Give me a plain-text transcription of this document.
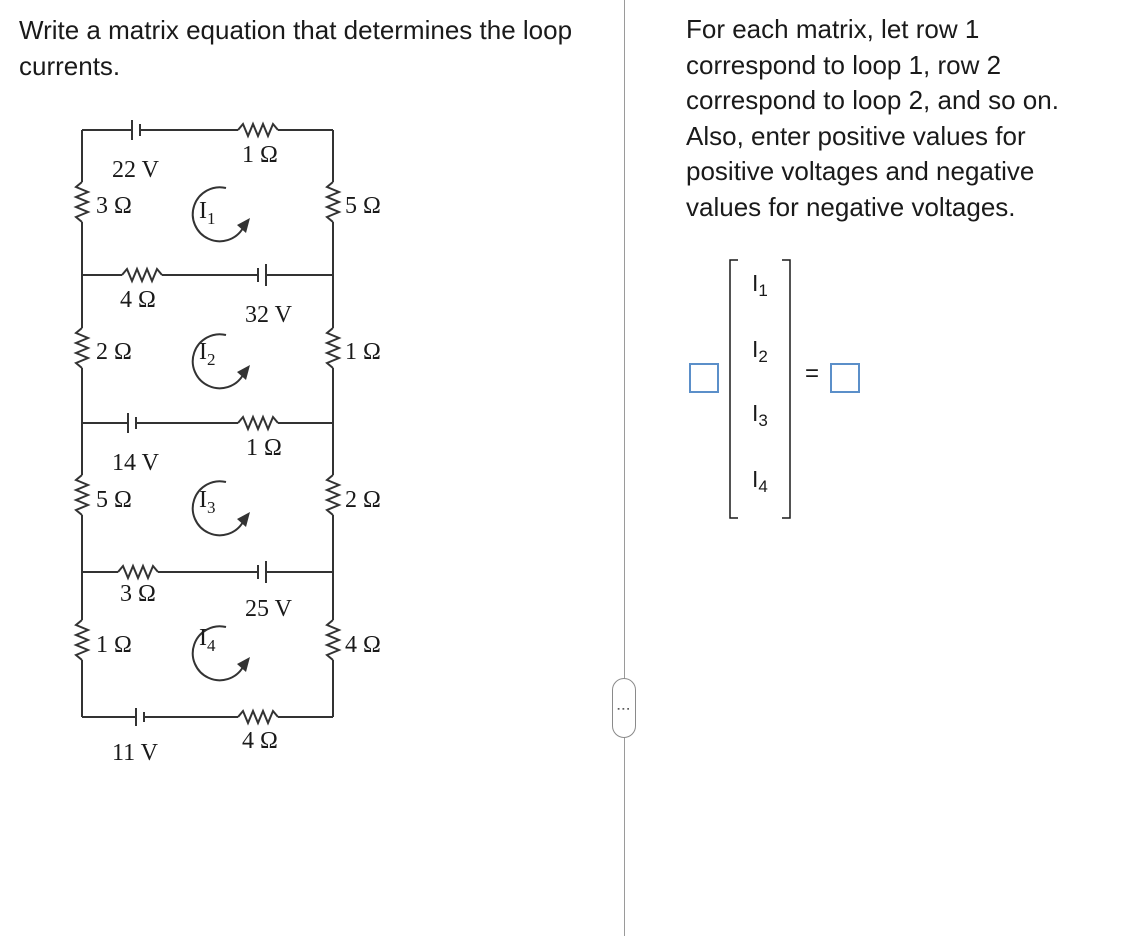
Write a matrix equation that determines the loop currents.
22 V
1 Ω
3 Ω	5 Ω
$I_1$
4 Ω
32 V
2 Ω	1 Ω
$I_2$
14 V
1 Ω
5 Ω	2 Ω
$I_3$
3 Ω
25 V
1 Ω	4 Ω
$I_4$
11 V	4 Ω
⋮
For each matrix, let row 1 correspond to loop 1, row 2 correspond to loop 2, and so on. Also, enter positive values for positive voltages and negative values for negative voltages.
$I_1$
$I_2$
$I_3$
$I_4$
=
